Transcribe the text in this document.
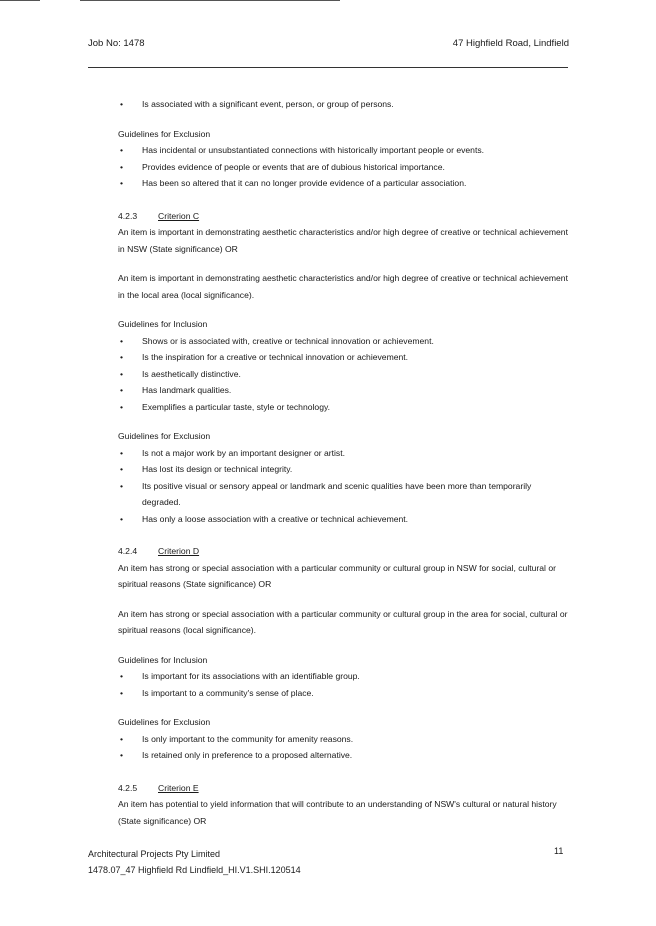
Job No: 1478	47 Highfield Road, Lindfield
• Is associated with a significant event, person, or group of persons.
Guidelines for Exclusion
• Has incidental or unsubstantiated connections with historically important people or events.
• Provides evidence of people or events that are of dubious historical importance.
• Has been so altered that it can no longer provide evidence of a particular association.
4.2.3	Criterion C
An item is important in demonstrating aesthetic characteristics and/or high degree of creative or technical achievement in NSW (State significance) OR
An item is important in demonstrating aesthetic characteristics and/or high degree of creative or technical achievement in the local area (local significance).
Guidelines for Inclusion
• Shows or is associated with, creative or technical innovation or achievement.
• Is the inspiration for a creative or technical innovation or achievement.
• Is aesthetically distinctive.
• Has landmark qualities.
• Exemplifies a particular taste, style or technology.
Guidelines for Exclusion
• Is not a major work by an important designer or artist.
• Has lost its design or technical integrity.
• Its positive visual or sensory appeal or landmark and scenic qualities have been more than temporarily degraded.
• Has only a loose association with a creative or technical achievement.
4.2.4	Criterion D
An item has strong or special association with a particular community or cultural group in NSW for social, cultural or spiritual reasons (State significance) OR
An item has strong or special association with a particular community or cultural group in the area for social, cultural or spiritual reasons (local significance).
Guidelines for Inclusion
• Is important for its associations with an identifiable group.
• Is important to a community's sense of place.
Guidelines for Exclusion
• Is only important to the community for amenity reasons.
• Is retained only in preference to a proposed alternative.
4.2.5	Criterion E
An item has potential to yield information that will contribute to an understanding of NSW's cultural or natural history (State significance) OR
Architectural Projects Pty Limited
1478.07_47 Highfield Rd Lindfield_HI.V1.SHI.120514
11
